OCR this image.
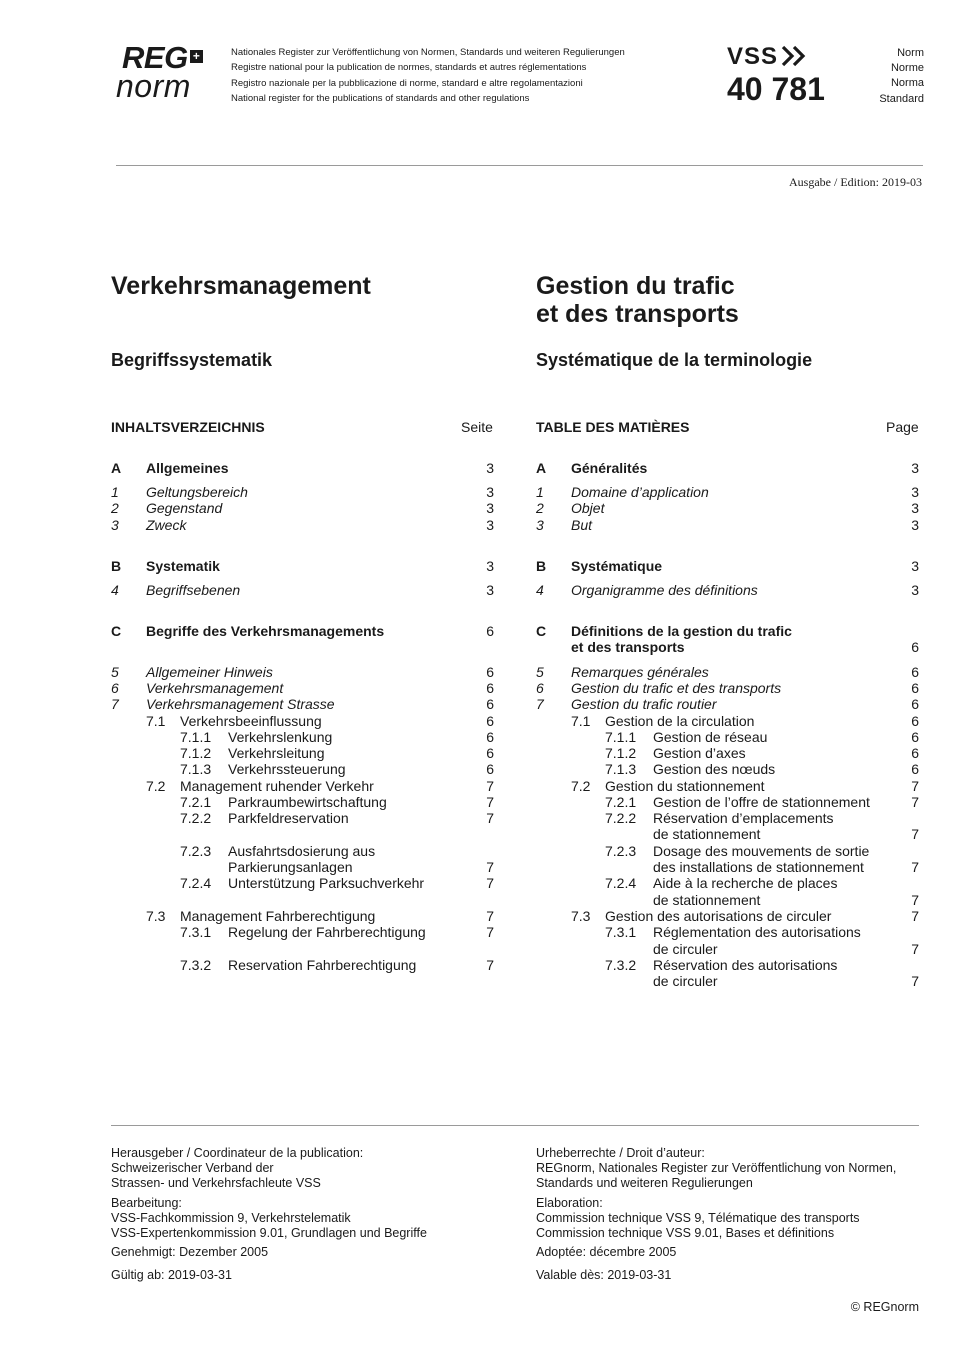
REG +
norm
Nationales Register zur Veröffentlichung von Normen, Standards und weiteren Regulierungen
Registre national pour la publication de normes, standards et autres réglementations
Registro nazionale per la pubblicazione di norme, standard e altre regolamentazioni
National register for the publications of standards and other regulations
VSS
40 781
Norm
Norme
Norma
Standard
Ausgabe / Edition: 2019-03
Verkehrsmanagement	Gestion du trafic
et des transports
Begriffssystematik	Systématique de la terminologie
INHALTSVERZEICHNIS	Seite	TABLE DES MATIÈRES	Page
A Allgemeines	3
1 Geltungsbereich	3
2 Gegenstand	3
3 Zweck	3
B Systematik	3
4 Begriffsebenen	3
C Begriffe des Verkehrsmanagements	6
5 Allgemeiner Hinweis	6
6 Verkehrsmanagement	6
7 Verkehrsmanagement Strasse	6
7.1 Verkehrsbeeinflussung	6
7.1.1 Verkehrslenkung	6
7.1.2 Verkehrsleitung	6
7.1.3 Verkehrssteuerung	6
7.2 Management ruhender Verkehr	7
7.2.1 Parkraumbewirtschaftung	7
7.2.2 Parkfeldreservation	7
7.2.3 Ausfahrtsdosierung aus
Parkierungsanlagen	7
7.2.4 Unterstützung Parksuchverkehr	7
7.3 Management Fahrberechtigung	7
7.3.1 Regelung der Fahrberechtigung	7
7.3.2 Reservation Fahrberechtigung	7
A Généralités	3
1 Domaine d’application	3
2 Objet	3
3 But	3
B Systématique	3
4 Organigramme des définitions	3
C Définitions de la gestion du trafic
et des transports	6
5 Remarques générales	6
6 Gestion du trafic et des transports	6
7 Gestion du trafic routier	6
7.1 Gestion de la circulation	6
7.1.1 Gestion de réseau	6
7.1.2 Gestion d’axes	6
7.1.3 Gestion des nœuds	6
7.2 Gestion du stationnement	7
7.2.1 Gestion de l’offre de stationnement	7
7.2.2 Réservation d’emplacements
de stationnement	7
7.2.3 Dosage des mouvements de sortie
des installations de stationnement	7
7.2.4 Aide à la recherche de places
de stationnement	7
7.3 Gestion des autorisations de circuler	7
7.3.1 Réglementation des autorisations
de circuler	7
7.3.2 Réservation des autorisations
de circuler	7
Herausgeber / Coordinateur de la publication:
Schweizerischer Verband der
Strassen- und Verkehrsfachleute VSS
Bearbeitung:
VSS-Fachkommission 9, Verkehrstelematik
VSS-Expertenkommission 9.01, Grundlagen und Begriffe
Genehmigt: Dezember 2005
Gültig ab: 2019-03-31
Urheberrechte / Droit d’auteur:
REGnorm, Nationales Register zur Veröffentlichung von Normen,
Standards und weiteren Regulierungen
Elaboration:
Commission technique VSS 9, Télématique des transports
Commission technique VSS 9.01, Bases et définitions
Adoptée: décembre 2005
Valable dès: 2019-03-31
© REGnorm
